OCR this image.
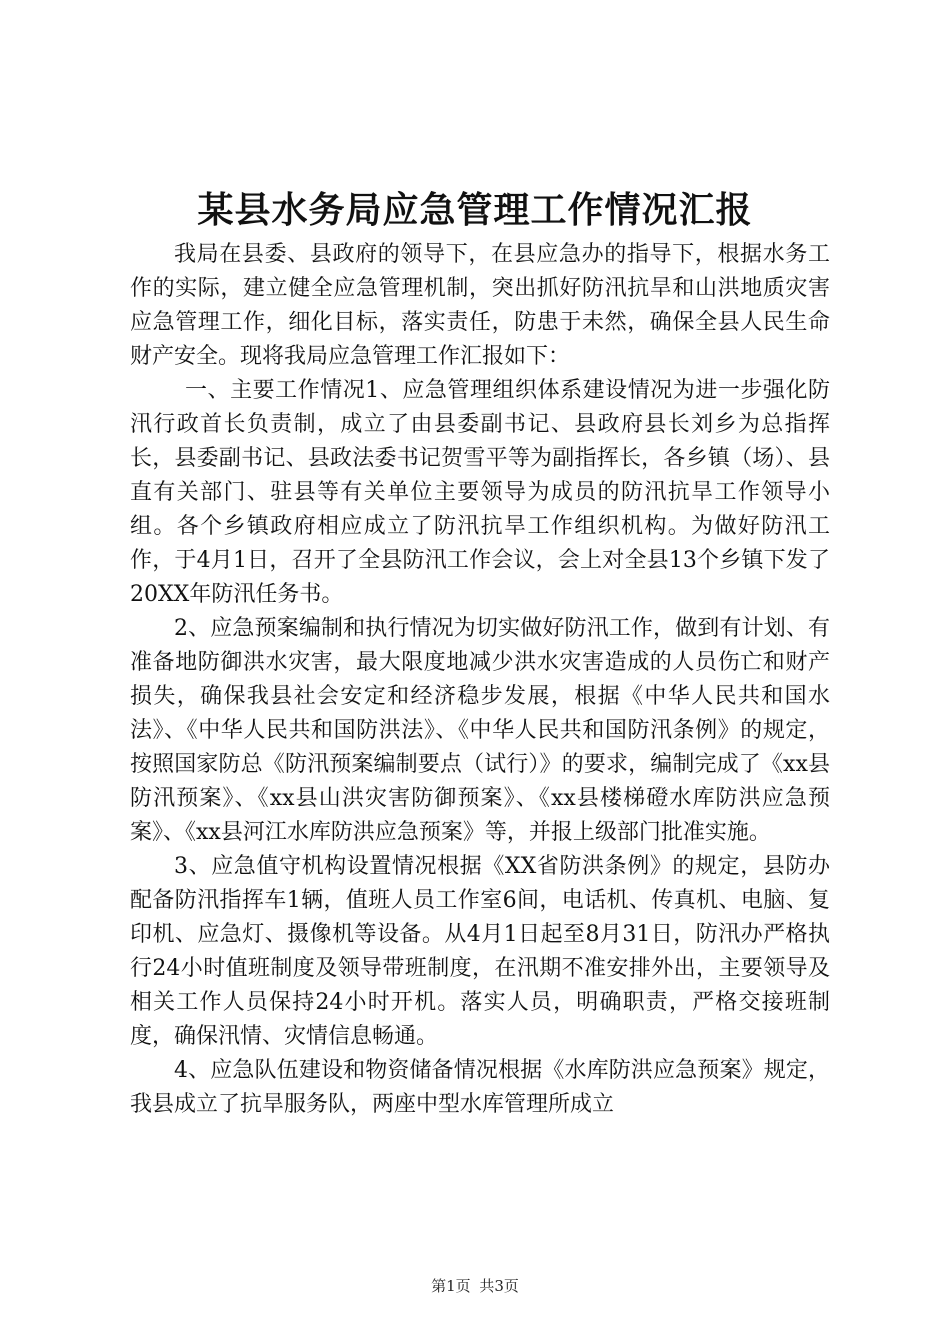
某县水务局应急管理工作情况汇报

我局在县委、县政府的领导下，在县应急办的指导下，根据水务工作的实际，建立健全应急管理机制，突出抓好防汛抗旱和山洪地质灾害应急管理工作，细化目标，落实责任，防患于未然，确保全县人民生命财产安全。现将我局应急管理工作汇报如下：

一、主要工作情况1、应急管理组织体系建设情况为进一步强化防汛行政首长负责制，成立了由县委副书记、县政府县长刘乡为总指挥长，县委副书记、县政法委书记贺雪平等为副指挥长，各乡镇（场）、县直有关部门、驻县等有关单位主要领导为成员的防汛抗旱工作领导小组。各个乡镇政府相应成立了防汛抗旱工作组织机构。为做好防汛工作，于4月1日，召开了全县防汛工作会议，会上对全县13个乡镇下发了20XX年防汛任务书。

2、应急预案编制和执行情况为切实做好防汛工作，做到有计划、有准备地防御洪水灾害，最大限度地减少洪水灾害造成的人员伤亡和财产损失，确保我县社会安定和经济稳步发展，根据《中华人民共和国水法》、《中华人民共和国防洪法》、《中华人民共和国防汛条例》的规定，按照国家防总《防汛预案编制要点（试行）》的要求，编制完成了《xx县防汛预案》、《xx县山洪灾害防御预案》、《xx县楼梯磴水库防洪应急预案》、《xx县河江水库防洪应急预案》等，并报上级部门批准实施。

3、应急值守机构设置情况根据《XX省防洪条例》的规定，县防办配备防汛指挥车1辆，值班人员工作室6间，电话机、传真机、电脑、复印机、应急灯、摄像机等设备。从4月1日起至8月31日，防汛办严格执行24小时值班制度及领导带班制度，在汛期不准安排外出，主要领导及相关工作人员保持24小时开机。落实人员，明确职责，严格交接班制度，确保汛情、灾情信息畅通。

4、应急队伍建设和物资储备情况根据《水库防洪应急预案》规定，我县成立了抗旱服务队，两座中型水库管理所成立

第1页 共3页
